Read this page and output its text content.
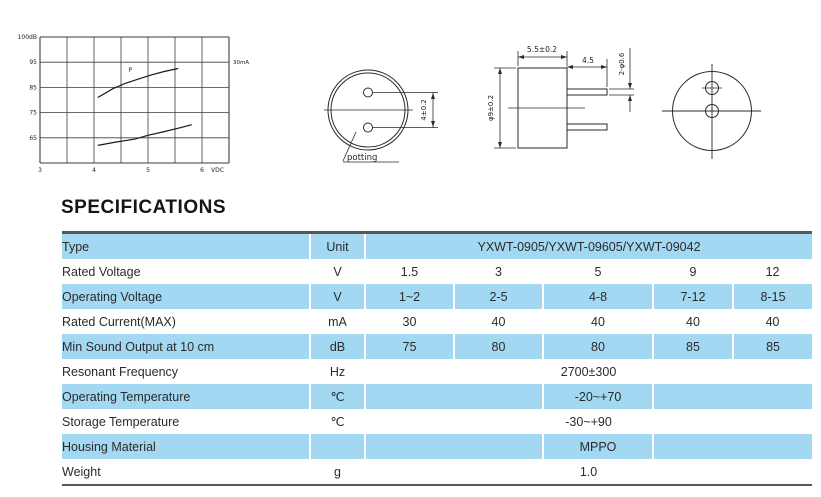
100dB
95
85
75
65
3	4	5	6 VDC
30mA
P
4±0.2
potting
5.5±0.2
4.5	2-φ0.6
φ9±0.2
SPECIFICATIONS
Type	Unit	YXWT-0905/YXWT-09605/YXWT-09042				
Rated Voltage	V	1.5	3	5	9	12
Operating Voltage	V	1~2	2-5	4-8	7-12	8-15
Rated Current(MAX)	mA	30	40	40	40	40
Min Sound Output at 10 cm	dB	75	80	80	85	85
Resonant Frequency	Hz	2700±300				
Operating Temperature	℃			-20~+70		
Storage Temperature	℃	-30~+90				
Housing Material				MPPO		
Weight	g	1.0				
